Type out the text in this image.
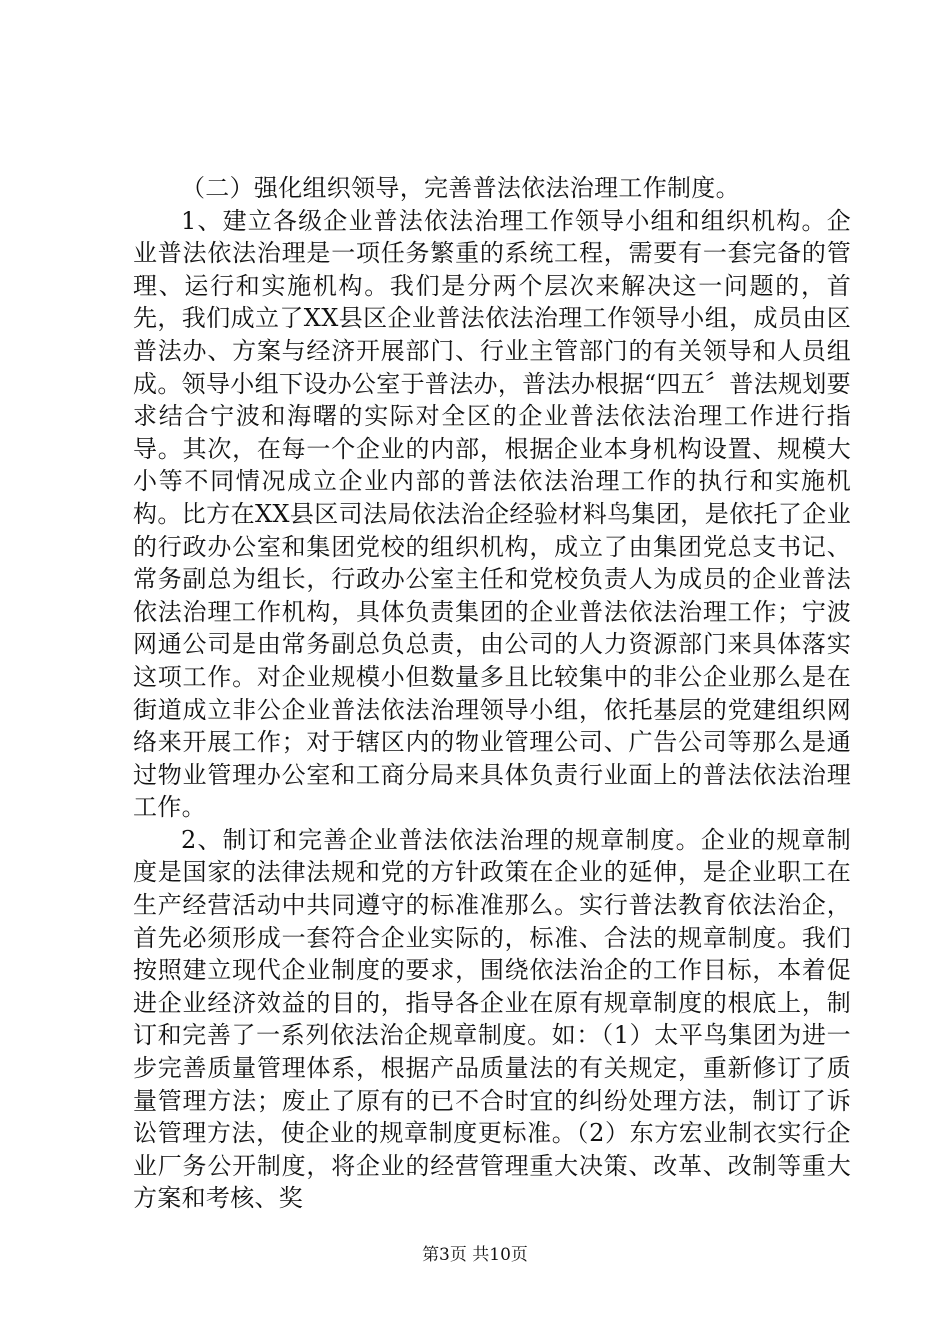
（二）强化组织领导，完善普法依法治理工作制度。

1、建立各级企业普法依法治理工作领导小组和组织机构。企业普法依法治理是一项任务繁重的系统工程，需要有一套完备的管理、运行和实施机构。我们是分两个层次来解决这一问题的，首先，我们成立了XX县区企业普法依法治理工作领导小组，成员由区普法办、方案与经济开展部门、行业主管部门的有关领导和人员组成。领导小组下设办公室于普法办，普法办根据“四五〞普法规划要求结合宁波和海曙的实际对全区的企业普法依法治理工作进行指导。其次，在每一个企业的内部，根据企业本身机构设置、规模大小等不同情况成立企业内部的普法依法治理工作的执行和实施机构。比方在XX县区司法局依法治企经验材料鸟集团，是依托了企业的行政办公室和集团党校的组织机构，成立了由集团党总支书记、常务副总为组长，行政办公室主任和党校负责人为成员的企业普法依法治理工作机构，具体负责集团的企业普法依法治理工作；宁波网通公司是由常务副总负总责，由公司的人力资源部门来具体落实这项工作。对企业规模小但数量多且比较集中的非公企业那么是在街道成立非公企业普法依法治理领导小组，依托基层的党建组织网络来开展工作；对于辖区内的物业管理公司、广告公司等那么是通过物业管理办公室和工商分局来具体负责行业面上的普法依法治理工作。

2、制订和完善企业普法依法治理的规章制度。企业的规章制度是国家的法律法规和党的方针政策在企业的延伸，是企业职工在生产经营活动中共同遵守的标准准那么。实行普法教育依法治企，首先必须形成一套符合企业实际的，标准、合法的规章制度。我们按照建立现代企业制度的要求，围绕依法治企的工作目标，本着促进企业经济效益的目的，指导各企业在原有规章制度的根底上，制订和完善了一系列依法治企规章制度。如：（1）太平鸟集团为进一步完善质量管理体系，根据产品质量法的有关规定，重新修订了质量管理方法；废止了原有的已不合时宜的纠纷处理方法，制订了诉讼管理方法，使企业的规章制度更标准。（2）东方宏业制衣实行企业厂务公开制度，将企业的经营管理重大决策、改革、改制等重大方案和考核、奖

第3页 共10页
